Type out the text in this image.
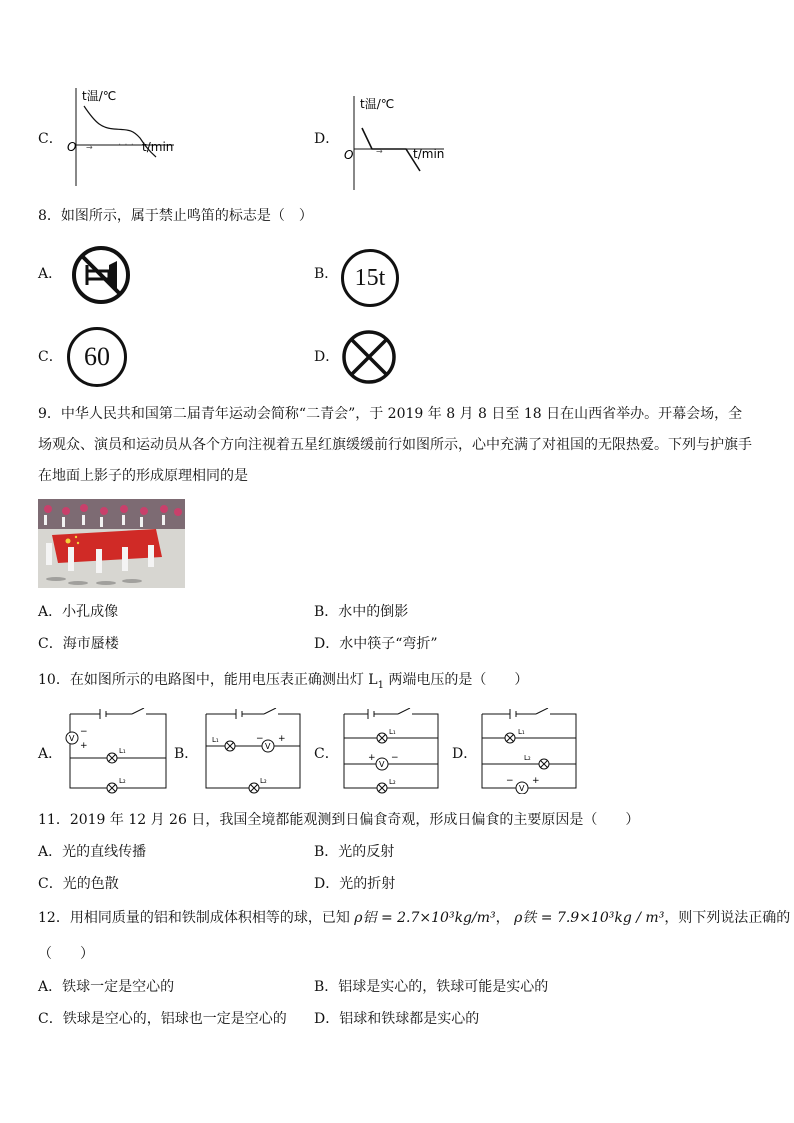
C．
t温/℃
O	t/min
→	· · ·	D．
t温/℃
O	t/min
→
8．如图所示，属于禁止鸣笛的标志是（　）
A．	B． 15t
C． 60	D．
9．中华人民共和国第二届青年运动会简称“二青会”，于 2019 年 8 月 8 日至 18 日在山西省举办。开幕会场，全场观众、演员和运动员从各个方向注视着五星红旗缓缓前行如图所示，心中充满了对祖国的无限热爱。下列与护旗手在地面上影子的形成原理相同的是
A．小孔成像	B．水中的倒影
C．海市蜃楼	D．水中筷子“弯折”
10．在如图所示的电路图中，能用电压表正确测出灯 $L_1$ 两端电压的是（　　）
A．
V
−
+	L₁
L₂
B．
L₁
V
− +
L₂
C．
L₁
V
+ −
L₂
D．
L₁
L₂
V
− +
11．2019 年 12 月 26 日，我国全境都能观测到日偏食奇观，形成日偏食的主要原因是（　　）
A．光的直线传播	B．光的反射
C．光的色散	D．光的折射
12．用相同质量的铝和铁制成体积相等的球，已知 ρ铝 = 2.7×10³kg/m³， ρ铁 = 7.9×10³kg / m³，则下列说法正确的
（　　）
A．铁球一定是空心的	B．铝球是实心的，铁球可能是实心的
C．铁球是空心的，铝球也一定是空心的 D．铝球和铁球都是实心的
